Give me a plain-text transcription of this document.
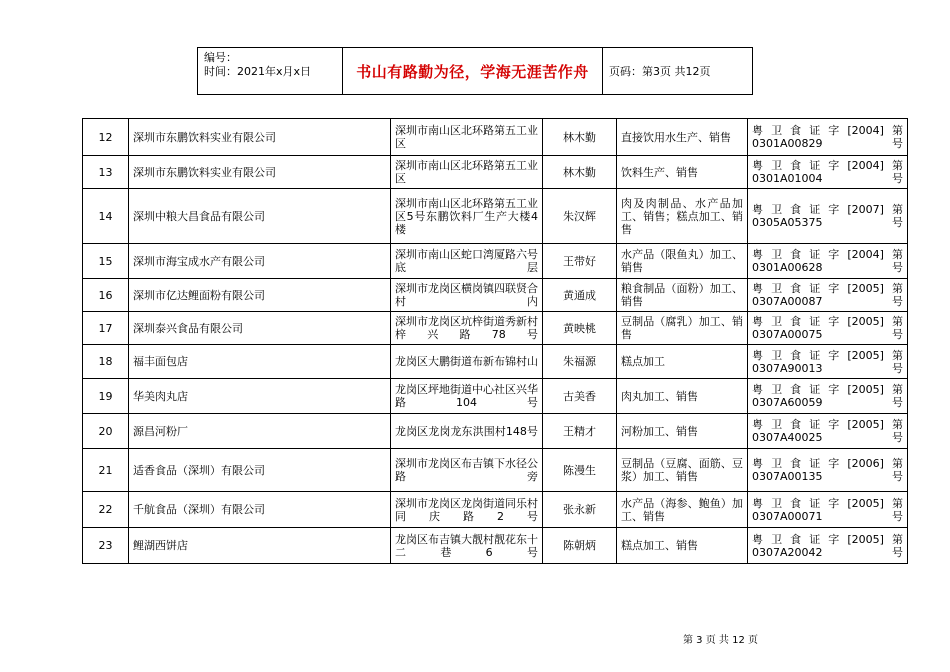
编号：
时间：2021年x月x日	书山有路勤为径，学海无涯苦作舟	页码：第3页 共12页
12	深圳市东鹏饮料实业有限公司	深圳市南山区北环路第五工业区	林木勤	直接饮用水生产、销售	粤卫食证字[2004]第0301A00829号
13	深圳市东鹏饮料实业有限公司	深圳市南山区北环路第五工业区	林木勤	饮料生产、销售	粤卫食证字[2004]第0301A01004号
14	深圳中粮大昌食品有限公司	深圳市南山区北环路第五工业区5号东鹏饮料厂生产大楼4楼	朱汉辉	肉及肉制品、水产品加工、销售；糕点加工、销售	粤卫食证字[2007]第0305A05375号
15	深圳市海宝成水产有限公司	深圳市南山区蛇口湾厦路六号底层	王带好	水产品（限鱼丸）加工、销售	粤卫食证字[2004]第0301A00628号
16	深圳市亿达鲤面粉有限公司	深圳市龙岗区横岗镇四联贤合村内	黄通成	粮食制品（面粉）加工、销售	粤卫食证字[2005]第0307A00087号
17	深圳泰兴食品有限公司	深圳市龙岗区坑梓街道秀新村梓兴路78号	黄映桃	豆制品（腐乳）加工、销售	粤卫食证字[2005]第0307A00075号
18	福丰面包店	龙岗区大鹏街道布新布锦村山	朱福源	糕点加工	粤卫食证字[2005]第0307A90013号
19	华美肉丸店	龙岗区坪地街道中心社区兴华路104号	古美香	肉丸加工、销售	粤卫食证字[2005]第0307A60059号
20	源昌河粉厂	龙岗区龙岗龙东洪围村148号	王精才	河粉加工、销售	粤卫食证字[2005]第0307A40025号
21	适香食品（深圳）有限公司	深圳市龙岗区布吉镇下水径公路旁	陈漫生	豆制品（豆腐、面筋、豆浆）加工、销售	粤卫食证字[2006]第0307A00135号
22	千航食品（深圳）有限公司	深圳市龙岗区龙岗街道同乐村同庆路2号	张永新	水产品（海参、鲍鱼）加工、销售	粤卫食证字[2005]第0307A00071号
23	鲤湖西饼店	龙岗区布吉镇大靓村靓花东十二巷6号	陈朝炳	糕点加工、销售	粤卫食证字[2005]第0307A20042号
第 3 页 共 12 页
